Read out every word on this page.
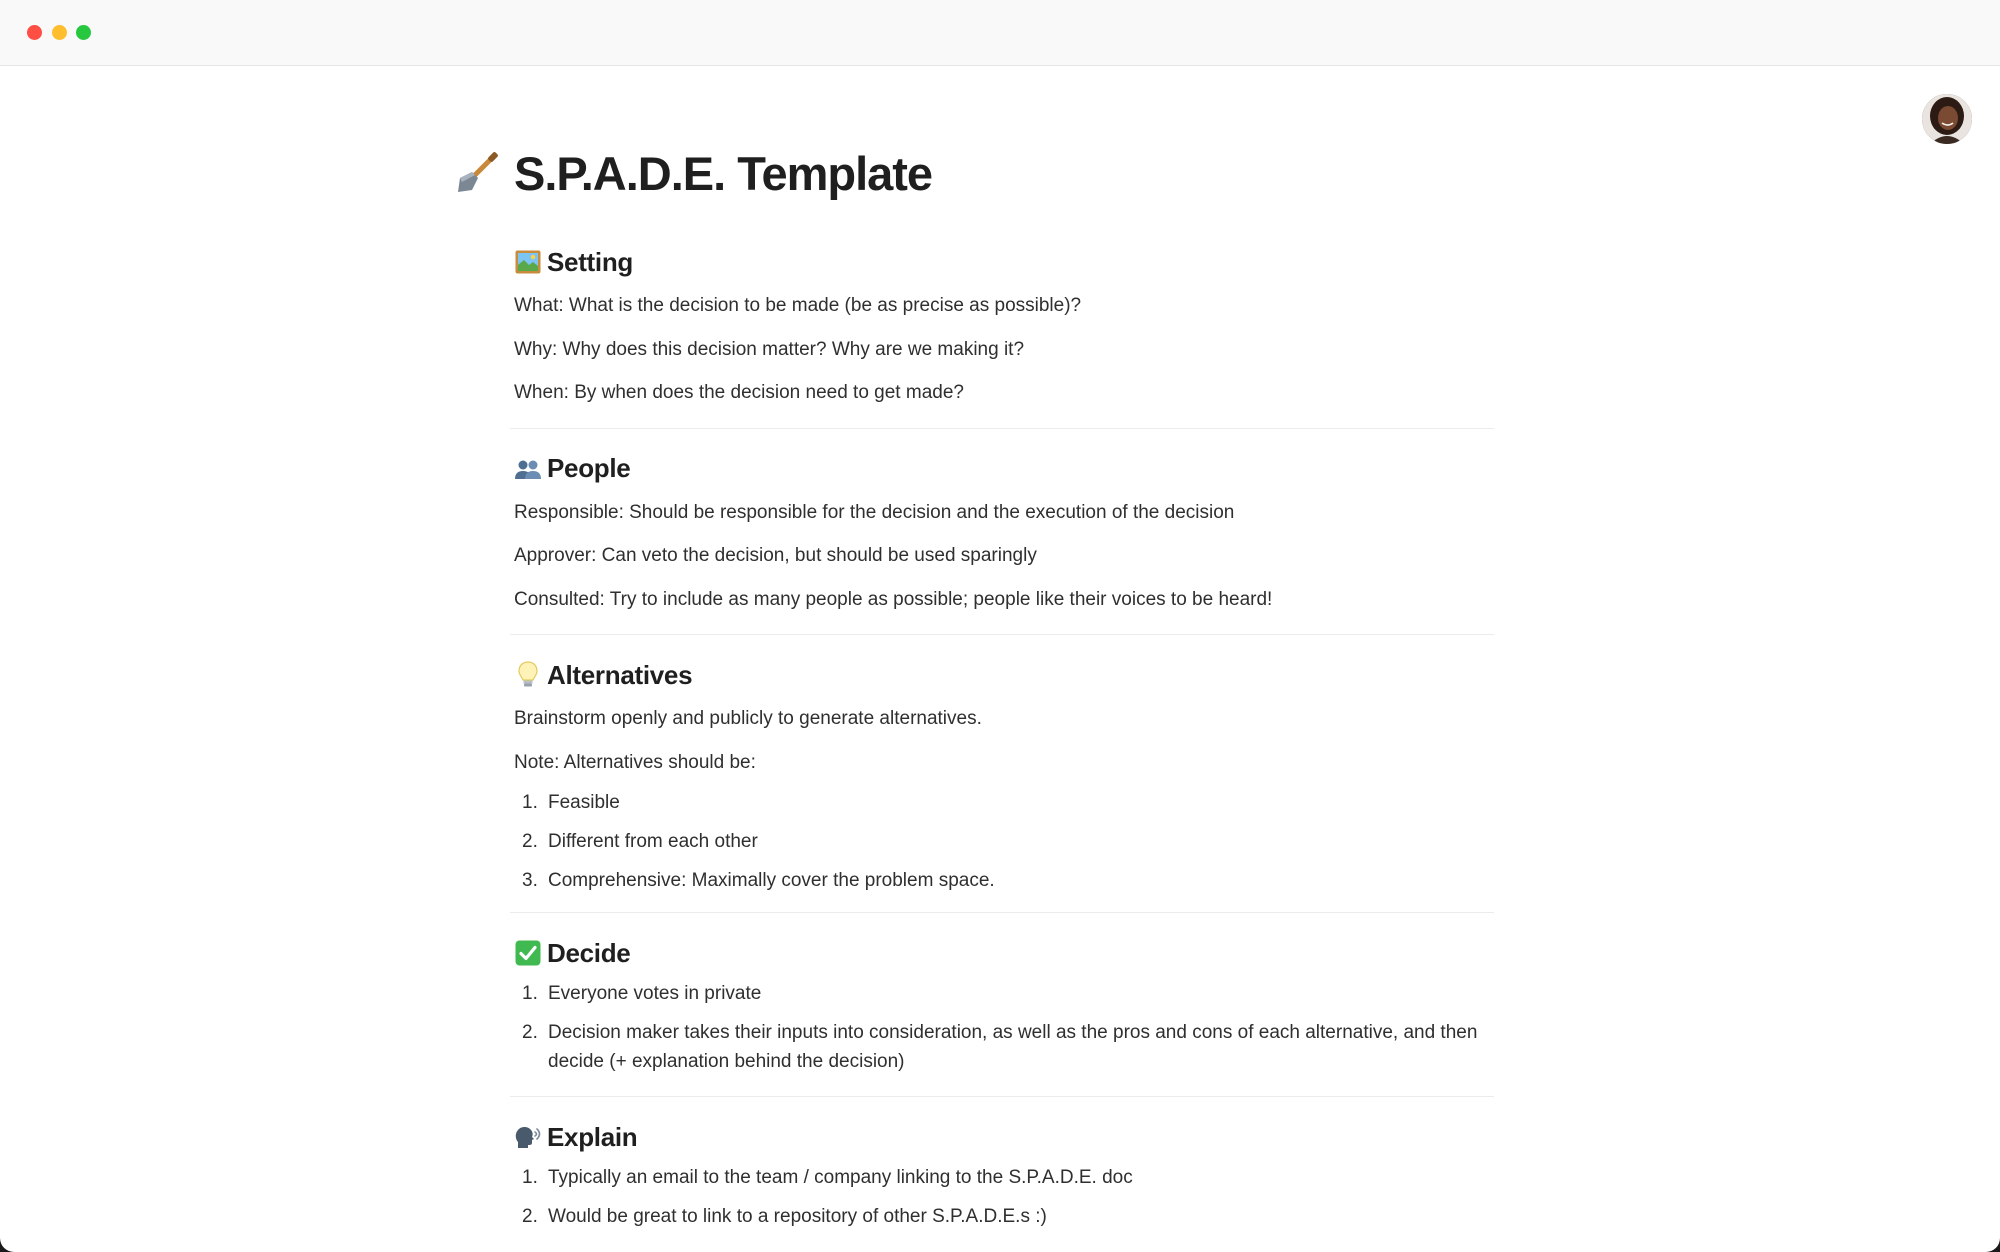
S.P.A.D.E. Template
Setting

What: What is the decision to be made (be as precise as possible)?

Why: Why does this decision matter? Why are we making it?

When: By when does the decision need to get made?

People

Responsible: Should be responsible for the decision and the execution of the decision

Approver: Can veto the decision, but should be used sparingly

Consulted: Try to include as many people as possible; people like their voices to be heard!

Alternatives

Brainstorm openly and publicly to generate alternatives.

Note: Alternatives should be:

1. Feasible
2. Different from each other
3. Comprehensive: Maximally cover the problem space.
Decide
1. Everyone votes in private
2. Decision maker takes their inputs into consideration, as well as the pros and cons of each alternative, and then decide (+ explanation behind the decision)
Explain
1. Typically an email to the team / company linking to the S.P.A.D.E. doc
2. Would be great to link to a repository of other S.P.A.D.E.s :)
